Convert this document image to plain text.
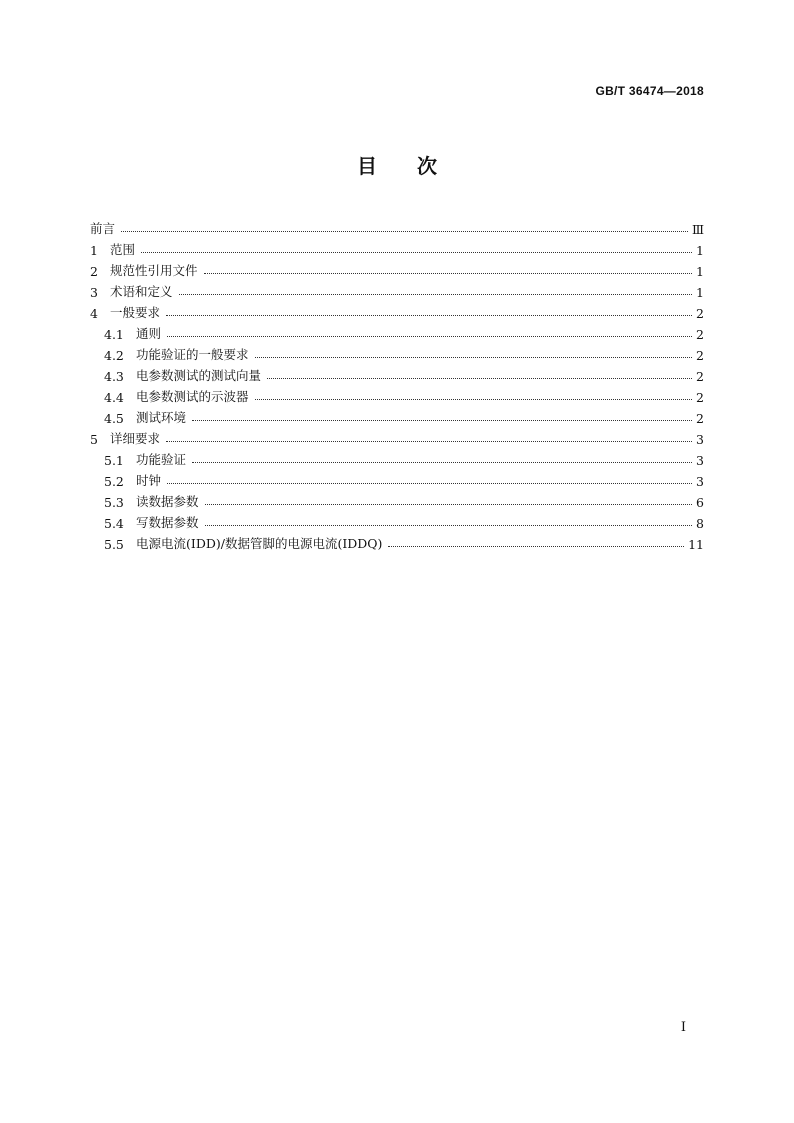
GB/T 36474—2018
目 次
前言	Ⅲ
1 范围	1
2 规范性引用文件	1
3 术语和定义	1
4 一般要求	2
4.1 通则	2
4.2 功能验证的一般要求	2
4.3 电参数测试的测试向量	2
4.4 电参数测试的示波器	2
4.5 测试环境	2
5 详细要求	3
5.1 功能验证	3
5.2 时钟	3
5.3 读数据参数	6
5.4 写数据参数	8
5.5 电源电流(IDD)/数据管脚的电源电流(IDDQ)	11
I
